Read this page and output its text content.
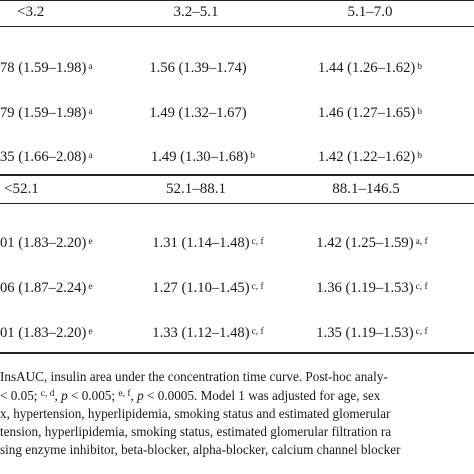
<3.2	3.2–5.1	5.1–7.0
78 (1.59–1.98) $^a$	1.56 (1.39–1.74)	1.44 (1.26–1.62) $^b$
79 (1.59–1.98) $^a$	1.49 (1.32–1.67)	1.46 (1.27–1.65) $^b$
35 (1.66–2.08) $^a$	1.49 (1.30–1.68) $^b$	1.42 (1.22–1.62) $^b$
<52.1	52.1–88.1	88.1–146.5
01 (1.83–2.20) $^e$	1.31 (1.14–1.48) $^{c, f}$	1.42 (1.25–1.59) $^{a, f}$
06 (1.87–2.24) $^e$	1.27 (1.10–1.45) $^{c, f}$	1.36 (1.19–1.53) $^{c, f}$
01 (1.83–2.20) $^e$	1.33 (1.12–1.48) $^{c, f}$	1.35 (1.19–1.53) $^{c, f}$
InsAUC, insulin area under the concentration time curve. Post-hoc analy-
< 0.05; $^{c, d}$, p < 0.005; $^{e, f}$, p < 0.0005. Model 1 was adjusted for age, sex
x, hypertension, hyperlipidemia, smoking status and estimated glomerular
tension, hyperlipidemia, smoking status, estimated glomerular filtration ra
sing enzyme inhibitor, beta-blocker, alpha-blocker, calcium channel blocker
